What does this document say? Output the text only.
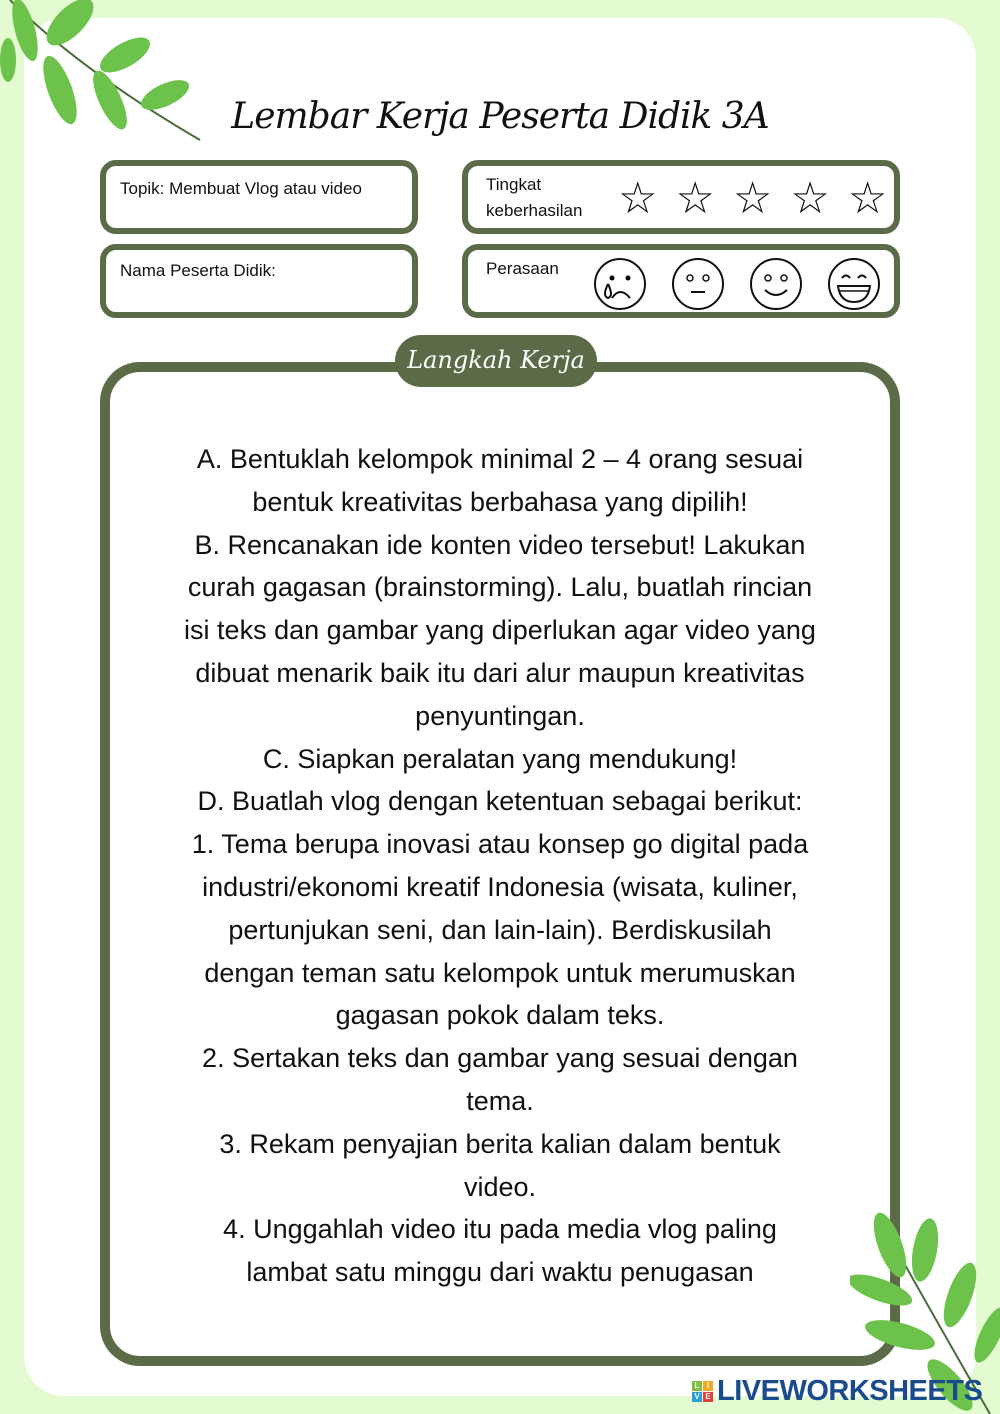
Lembar Kerja Peserta Didik 3A
Topik: Membuat Vlog atau video	Tingkat
keberhasilan ☆ ☆ ☆ ☆ ☆
Nama Peserta Didik:	Perasaan
Langkah Kerja
A. Bentuklah kelompok minimal 2 – 4 orang sesuai
bentuk kreativitas berbahasa yang dipilih!
B. Rencanakan ide konten video tersebut! Lakukan
curah gagasan (brainstorming). Lalu, buatlah rincian
isi teks dan gambar yang diperlukan agar video yang
dibuat menarik baik itu dari alur maupun kreativitas
penyuntingan.
C. Siapkan peralatan yang mendukung!
D. Buatlah vlog dengan ketentuan sebagai berikut:
1. Tema berupa inovasi atau konsep go digital pada
industri/ekonomi kreatif Indonesia (wisata, kuliner,
pertunjukan seni, dan lain-lain). Berdiskusilah
dengan teman satu kelompok untuk merumuskan
gagasan pokok dalam teks.
2. Sertakan teks dan gambar yang sesuai dengan
tema.
3. Rekam penyajian berita kalian dalam bentuk
video.
4. Unggahlah video itu pada media vlog paling
lambat satu minggu dari waktu penugasan
L I
V E LIVEWORKSHEETS
